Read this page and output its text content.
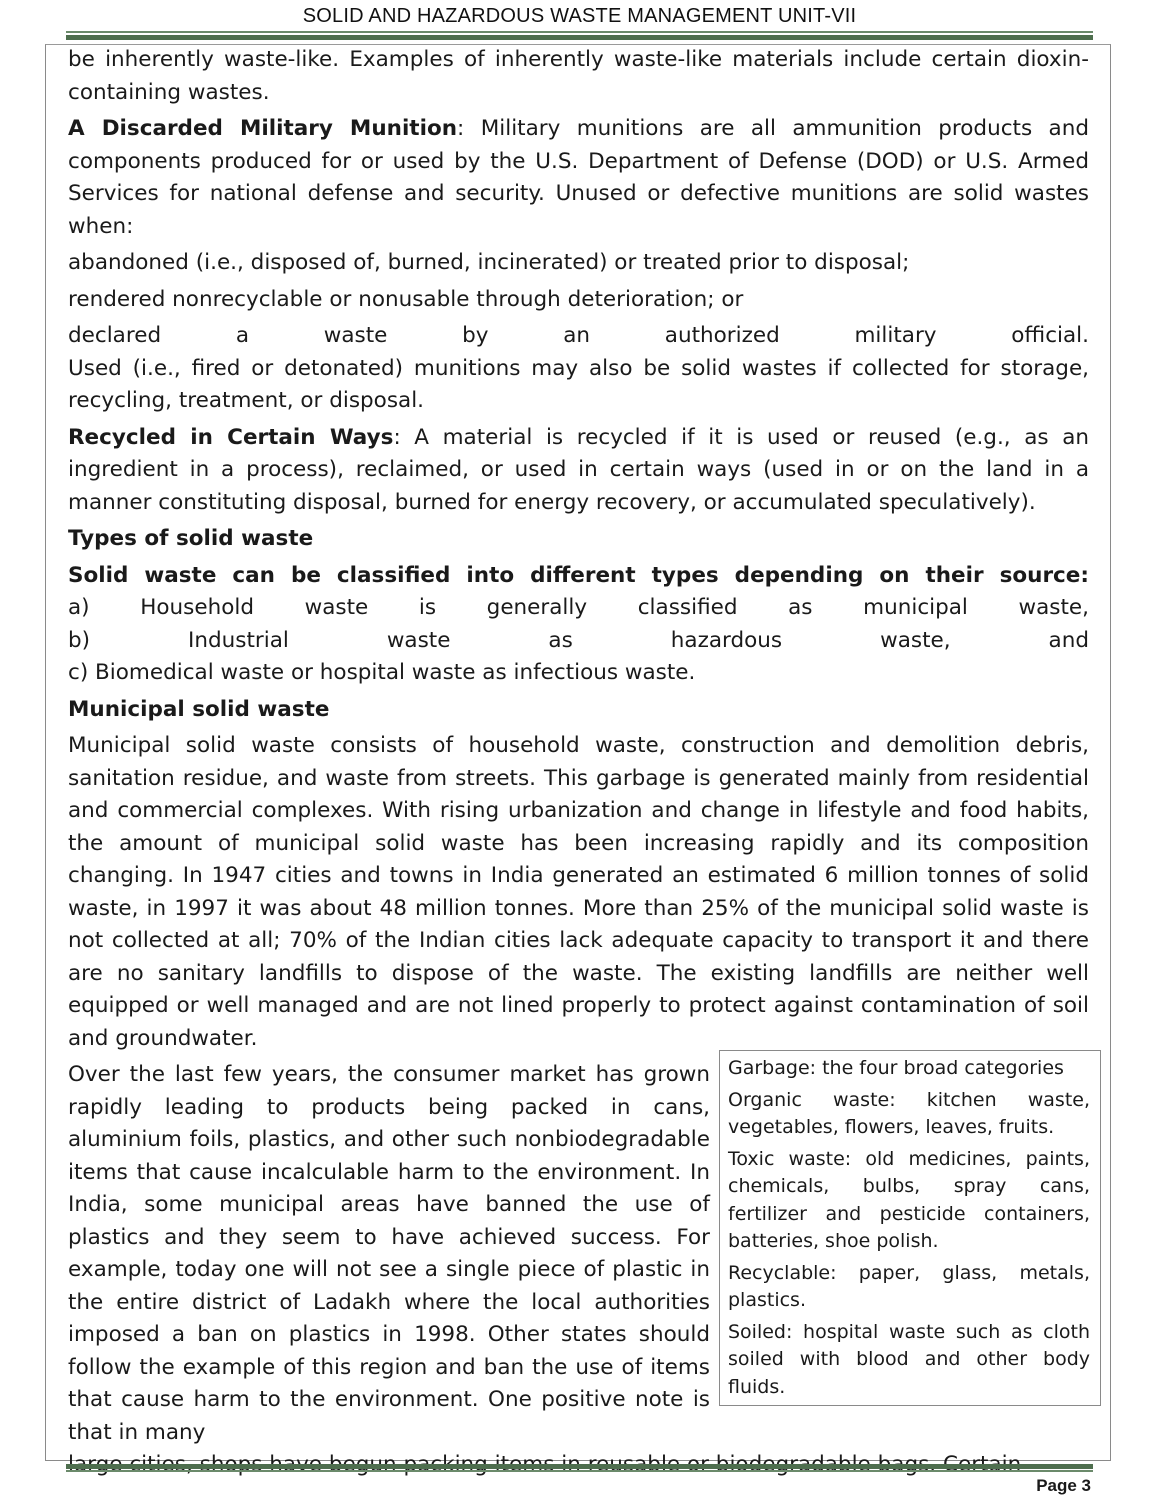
SOLID AND HAZARDOUS WASTE MANAGEMENT UNIT-VII

be inherently waste-like. Examples of inherently waste-like materials include certain dioxin-containing wastes.

A Discarded Military Munition: Military munitions are all ammunition products and components produced for or used by the U.S. Department of Defense (DOD) or U.S. Armed Services for national defense and security. Unused or defective munitions are solid wastes when:

abandoned (i.e., disposed of, burned, incinerated) or treated prior to disposal;

rendered nonrecyclable or nonusable through deterioration; or

declared a waste by an authorized military official.

Used (i.e., fired or detonated) munitions may also be solid wastes if collected for storage, recycling, treatment, or disposal.

Recycled in Certain Ways: A material is recycled if it is used or reused (e.g., as an ingredient in a process), reclaimed, or used in certain ways (used in or on the land in a manner constituting disposal, burned for energy recovery, or accumulated speculatively).

Types of solid waste

Solid waste can be classified into different types depending on their source:

a) Household waste is generally classified as municipal waste,

b) Industrial waste as hazardous waste, and

c) Biomedical waste or hospital waste as infectious waste.

Municipal solid waste

Municipal solid waste consists of household waste, construction and demolition debris, sanitation residue, and waste from streets. This garbage is generated mainly from residential and commercial complexes. With rising urbanization and change in lifestyle and food habits, the amount of municipal solid waste has been increasing rapidly and its composition changing. In 1947 cities and towns in India generated an estimated 6 million tonnes of solid waste, in 1997 it was about 48 million tonnes. More than 25% of the municipal solid waste is not collected at all; 70% of the Indian cities lack adequate capacity to transport it and there are no sanitary landfills to dispose of the waste. The existing landfills are neither well equipped or well managed and are not lined properly to protect against contamination of soil and groundwater.

Over the last few years, the consumer market has grown rapidly leading to products being packed in cans, aluminium foils, plastics, and other such nonbiodegradable items that cause incalculable harm to the environment. In India, some municipal areas have banned the use of plastics and they seem to have achieved success. For example, today one will not see a single piece of plastic in the entire district of Ladakh where the local authorities imposed a ban on plastics in 1998. Other states should follow the example of this region and ban the use of items that cause harm to the environment. One positive note is that in many

Garbage: the four broad categories

Organic waste: kitchen waste, vegetables, flowers, leaves, fruits.

Toxic waste: old medicines, paints, chemicals, bulbs, spray cans, fertilizer and pesticide containers, batteries, shoe polish.

Recyclable: paper, glass, metals, plastics.

Soiled: hospital waste such as cloth soiled with blood and other body fluids.

Page 3
